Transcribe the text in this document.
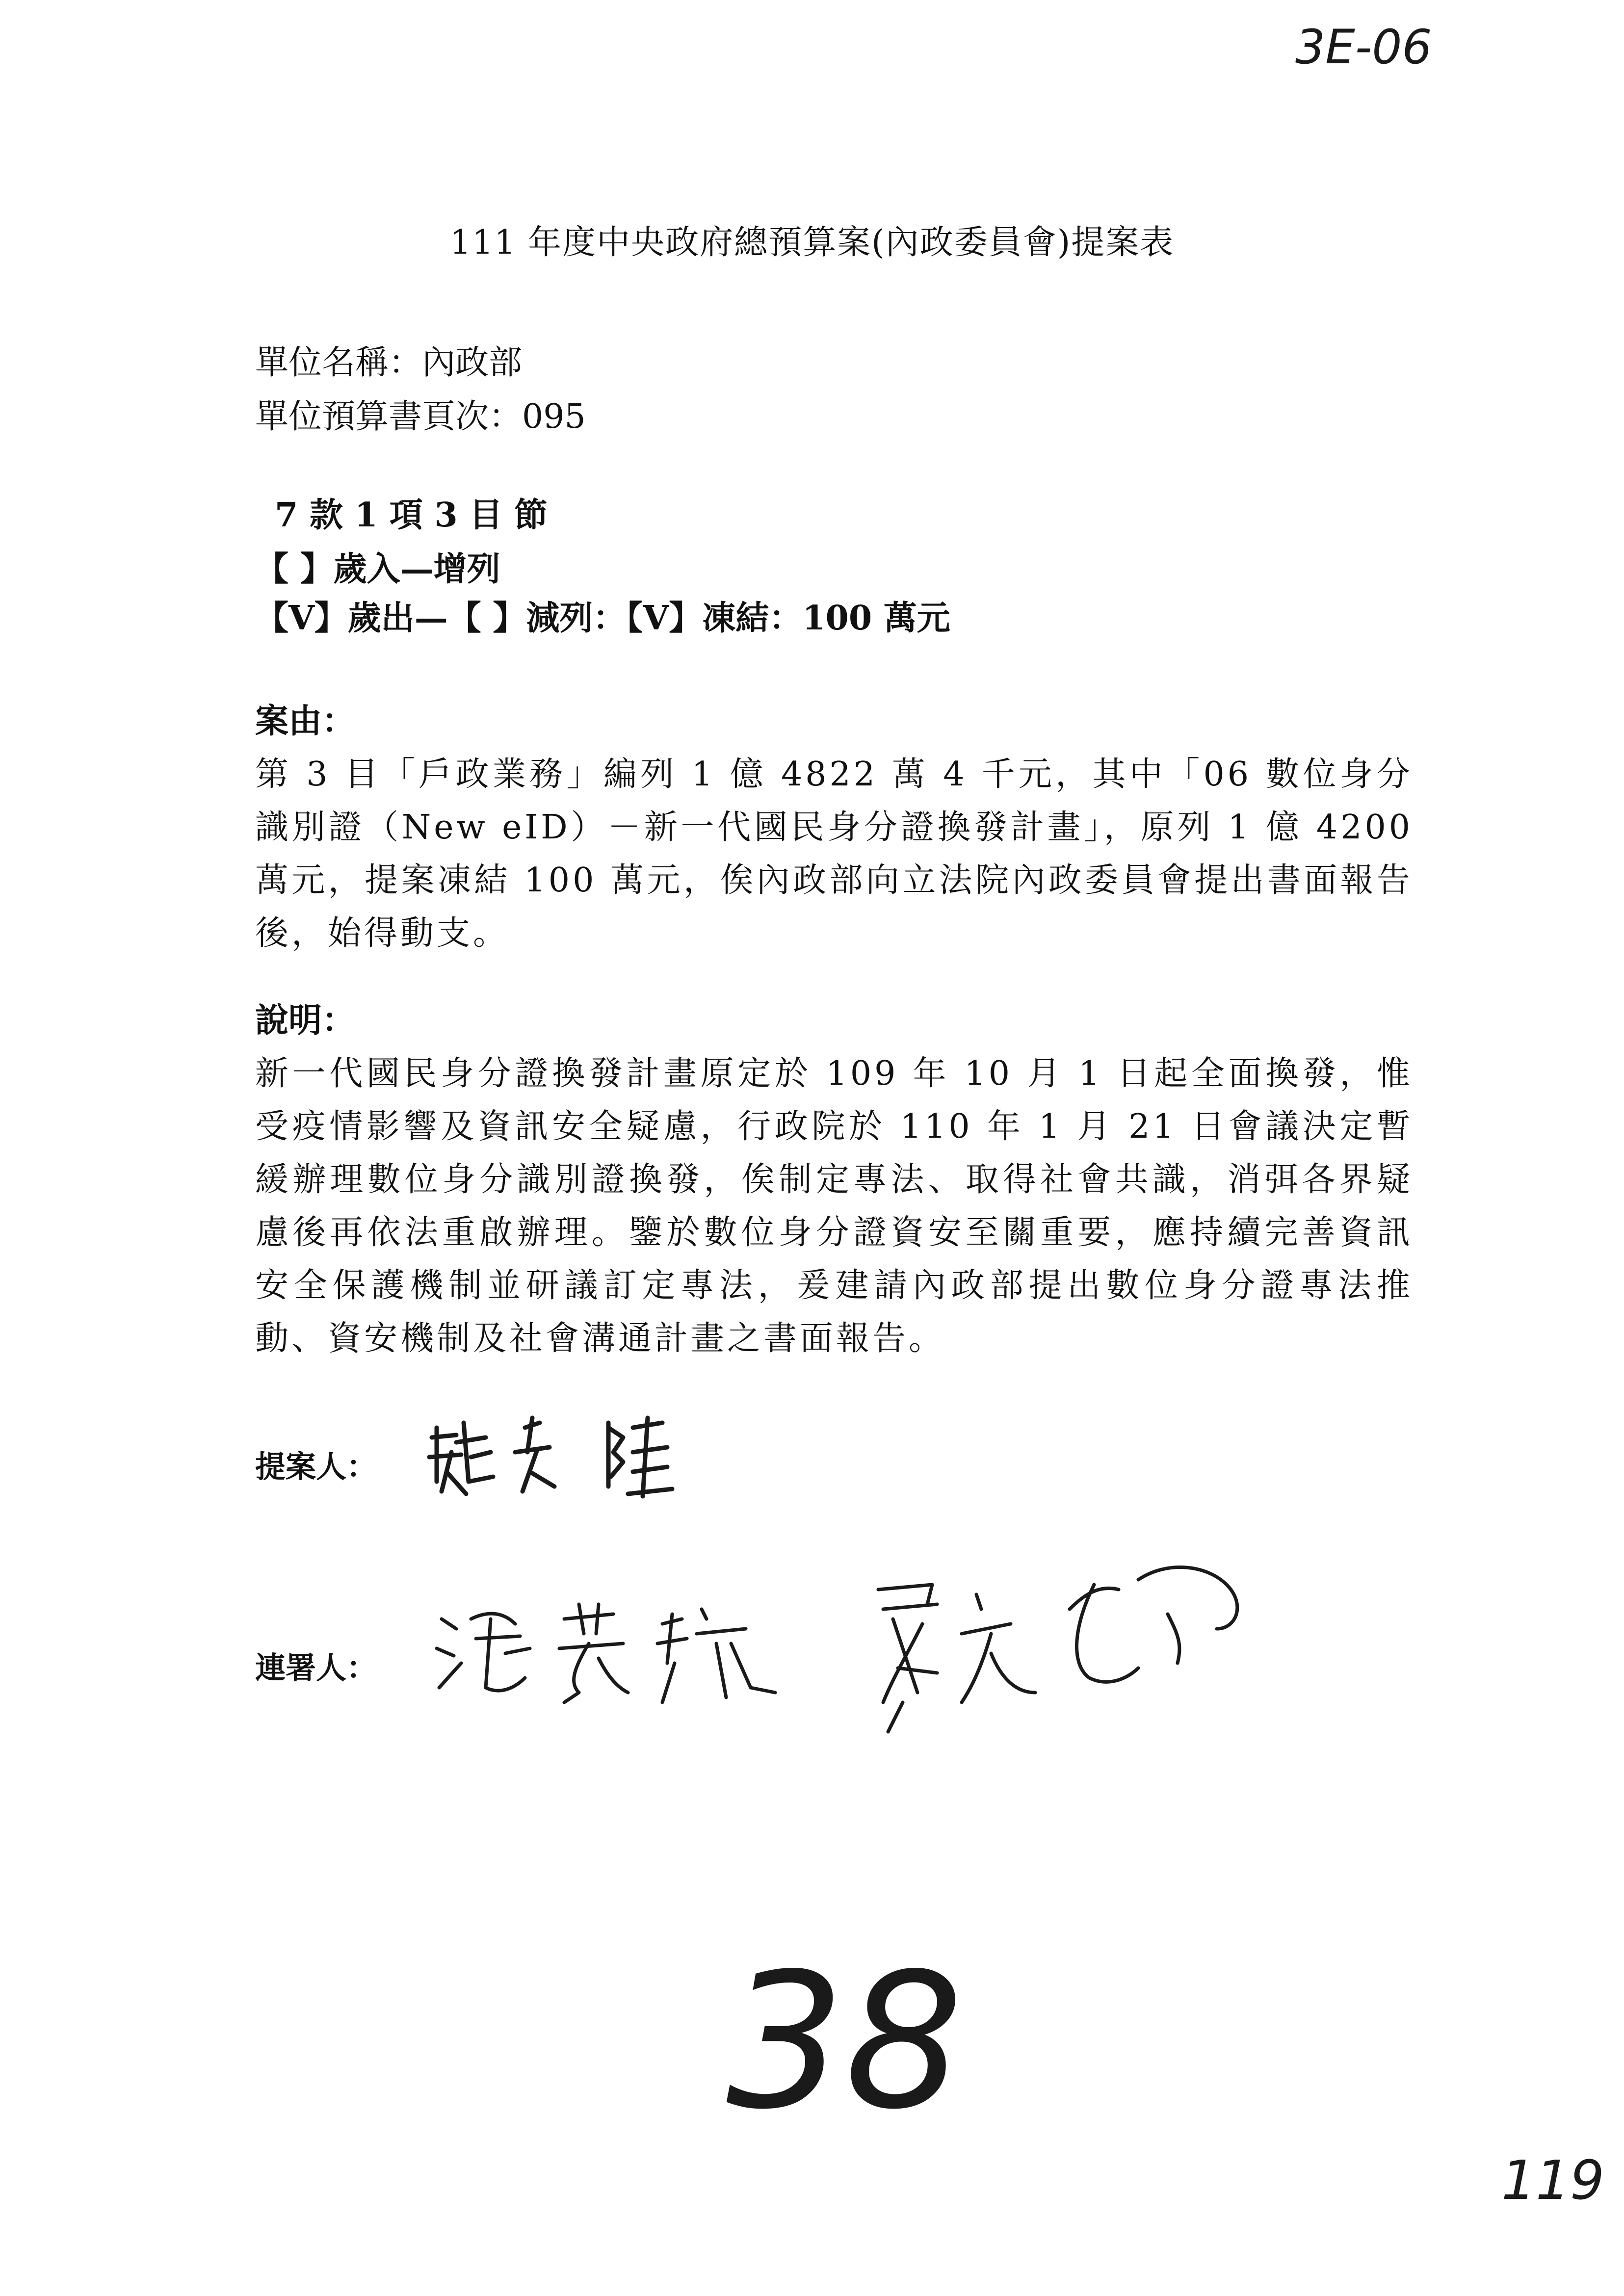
3E-06
111 年度中央政府總預算案(內政委員會)提案表
單位名稱：內政部
單位預算書頁次：095
7 款 1 項 3 目 節
【 】歲入—增列
【V】歲出—【 】減列：【V】凍結：100 萬元
案由：
第 3 目「戶政業務」編列 1 億 4822 萬 4 千元，其中「06 數位身分識別證（New eID）－新一代國民身分證換發計畫」，原列 1 億 4200 萬元，提案凍結 100 萬元，俟內政部向立法院內政委員會提出書面報告後，始得動支。
說明：
新一代國民身分證換發計畫原定於 109 年 10 月 1 日起全面換發，惟受疫情影響及資訊安全疑慮，行政院於 110 年 1 月 21 日會議決定暫緩辦理數位身分識別證換發，俟制定專法、取得社會共識，消弭各界疑慮後再依法重啟辦理。鑒於數位身分證資安至關重要，應持續完善資訊安全保護機制並研議訂定專法，爰建請內政部提出數位身分證專法推動、資安機制及社會溝通計畫之書面報告。
提案人：
連署人：
38
119
